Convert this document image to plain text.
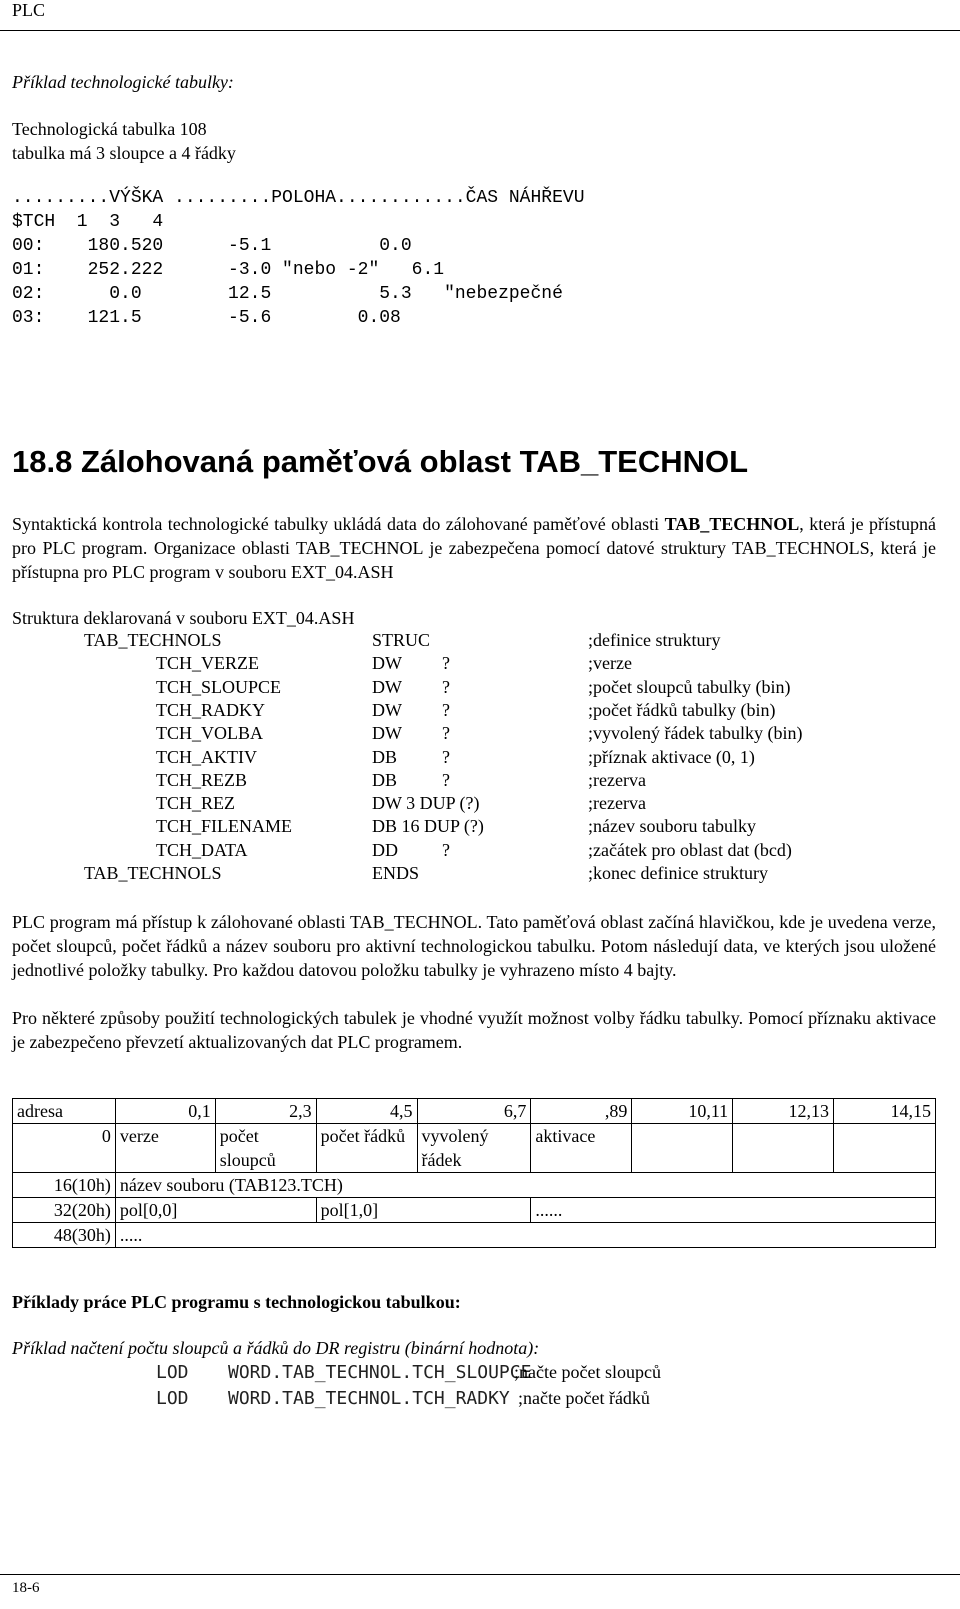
PLC
Příklad technologické tabulky:
Technologická tabulka 108
tabulka má 3 sloupce a 4 řádky
.........VÝŠKA .........POLOHA............ČAS NÁHŘEVU
$TCH  1  3   4
00:    180.520      -5.1          0.0
01:    252.222      -3.0 "nebo -2"   6.1
02:      0.0        12.5          5.3   "nebezpečné
03:    121.5        -5.6        0.08
18.8 Zálohovaná paměťová oblast TAB_TECHNOL
Syntaktická kontrola technologické tabulky ukládá data do zálohované paměťové oblasti TAB_TECHNOL, která je přístupná pro PLC program. Organizace oblasti TAB_TECHNOL je zabezpečena pomocí datové struktury TAB_TECHNOLS, která je přístupna pro PLC program v souboru EXT_04.ASH
Struktura deklarovaná v souboru EXT_04.ASH
TAB_TECHNOLS	STRUC	;definice struktury
TCH_VERZE	DW ?	;verze
TCH_SLOUPCE	DW ?	;počet sloupců tabulky (bin)
TCH_RADKY	DW ?	;počet řádků tabulky (bin)
TCH_VOLBA	DW ?	;vyvolený řádek tabulky (bin)
TCH_AKTIV	DB ?	;příznak aktivace (0, 1)
TCH_REZB	DB ?	;rezerva
TCH_REZ	DW 3 DUP (?)	;rezerva
TCH_FILENAME	DB 16 DUP (?)	;název souboru tabulky
TCH_DATA	DD ?	;začátek pro oblast dat (bcd)
TAB_TECHNOLS	ENDS	;konec definice struktury
PLC program má přístup k zálohované oblasti TAB_TECHNOL. Tato paměťová oblast začíná hlavičkou, kde je uvedena verze, počet sloupců, počet řádků a název souboru pro aktivní technologickou tabulku. Potom následují data, ve kterých jsou uložené jednotlivé položky tabulky. Pro každou datovou položku tabulky je vyhrazeno místo 4 bajty.
Pro některé způsoby použití technologických tabulek je vhodné využít možnost volby řádku tabulky. Pomocí příznaku aktivace je zabezpečeno převzetí aktualizovaných dat PLC programem.
adresa	0,1	2,3	4,5	6,7	,89	10,11	12,13	14,15
0	verze	počet sloupců	počet řádků	vyvolený řádek	aktivace			
16(10h)	název souboru (TAB123.TCH)							
32(20h)	pol[0,0]		pol[1,0]		......			
48(30h)	.....							
Příklady práce PLC programu s technologickou tabulkou:
Příklad načtení počtu sloupců a řádků do DR registru (binární hodnota):
LOD WORD.TAB_TECHNOL.TCH_SLOUPCE
;načte počet sloupců
LOD WORD.TAB_TECHNOL.TCH_RADKY ;načte počet řádků
18-6
